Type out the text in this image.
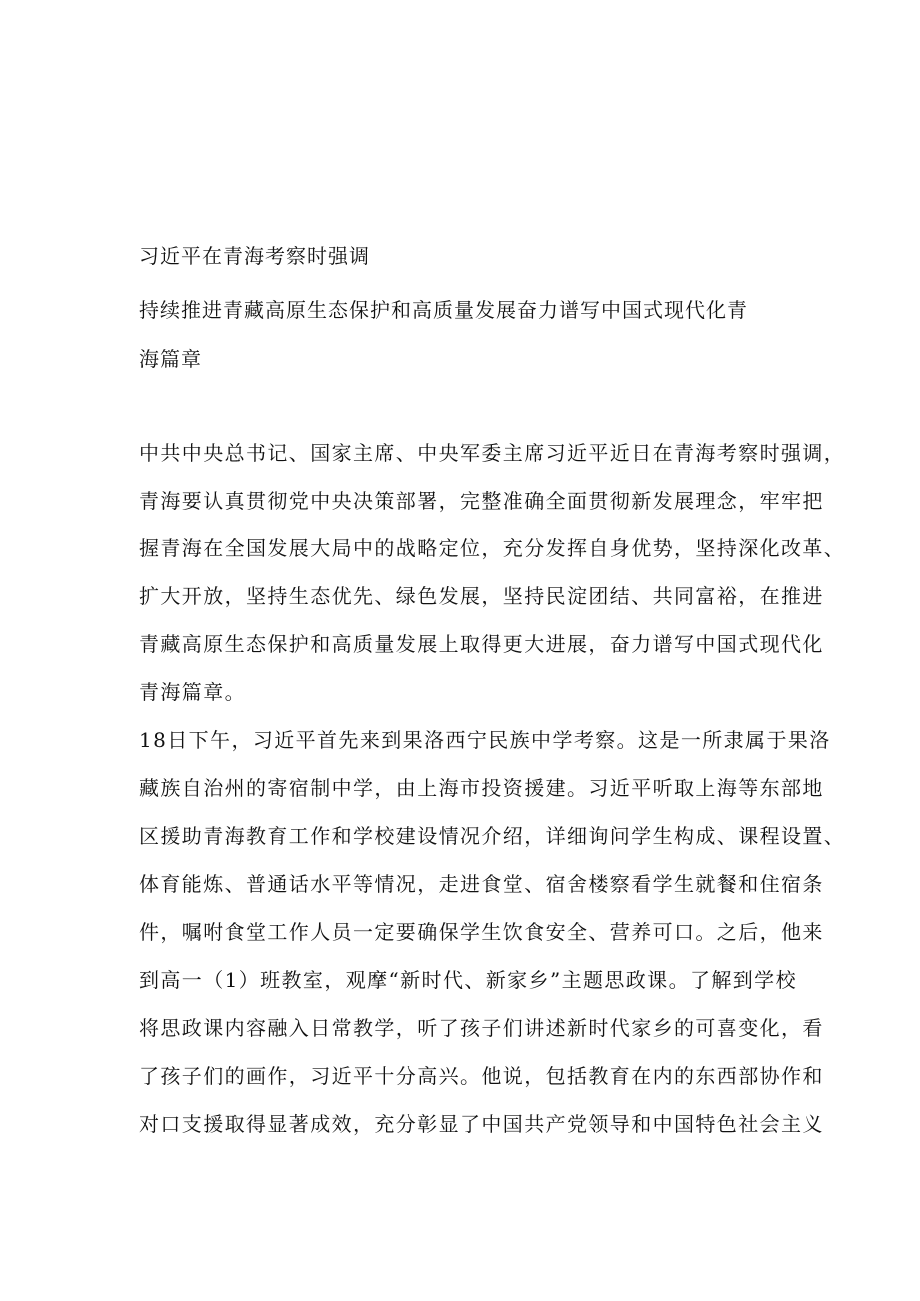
习近平在青海考察时强调
持续推进青藏高原生态保护和高质量发展奋力谱写中国式现代化青
海篇章
中共中央总书记、国家主席、中央军委主席习近平近日在青海考察时强调，
青海要认真贯彻党中央决策部署，完整准确全面贯彻新发展理念，牢牢把
握青海在全国发展大局中的战略定位，充分发挥自身优势，坚持深化改革、
扩大开放，坚持生态优先、绿色发展，坚持民淀团结、共同富裕，在推进
青藏高原生态保护和高质量发展上取得更大进展，奋力谱写中国式现代化
青海篇章。
18日下午，习近平首先来到果洛西宁民族中学考察。这是一所隶属于果洛
藏族自治州的寄宿制中学，由上海市投资援建。习近平听取上海等东部地
区援助青海教育工作和学校建设情况介绍，详细询问学生构成、课程设置、
体育能炼、普通话水平等情况，走进食堂、宿舍楼察看学生就餐和住宿条
件，嘱咐食堂工作人员一定要确保学生饮食安全、营养可口。之后，他来
到高一（1）班教室，观摩“新时代、新家乡”主题思政课。了解到学校
将思政课内容融入日常教学，听了孩子们讲述新时代家乡的可喜变化，看
了孩子们的画作，习近平十分高兴。他说，包括教育在内的东西部协作和
对口支援取得显著成效，充分彰显了中国共产党领导和中国特色社会主义
